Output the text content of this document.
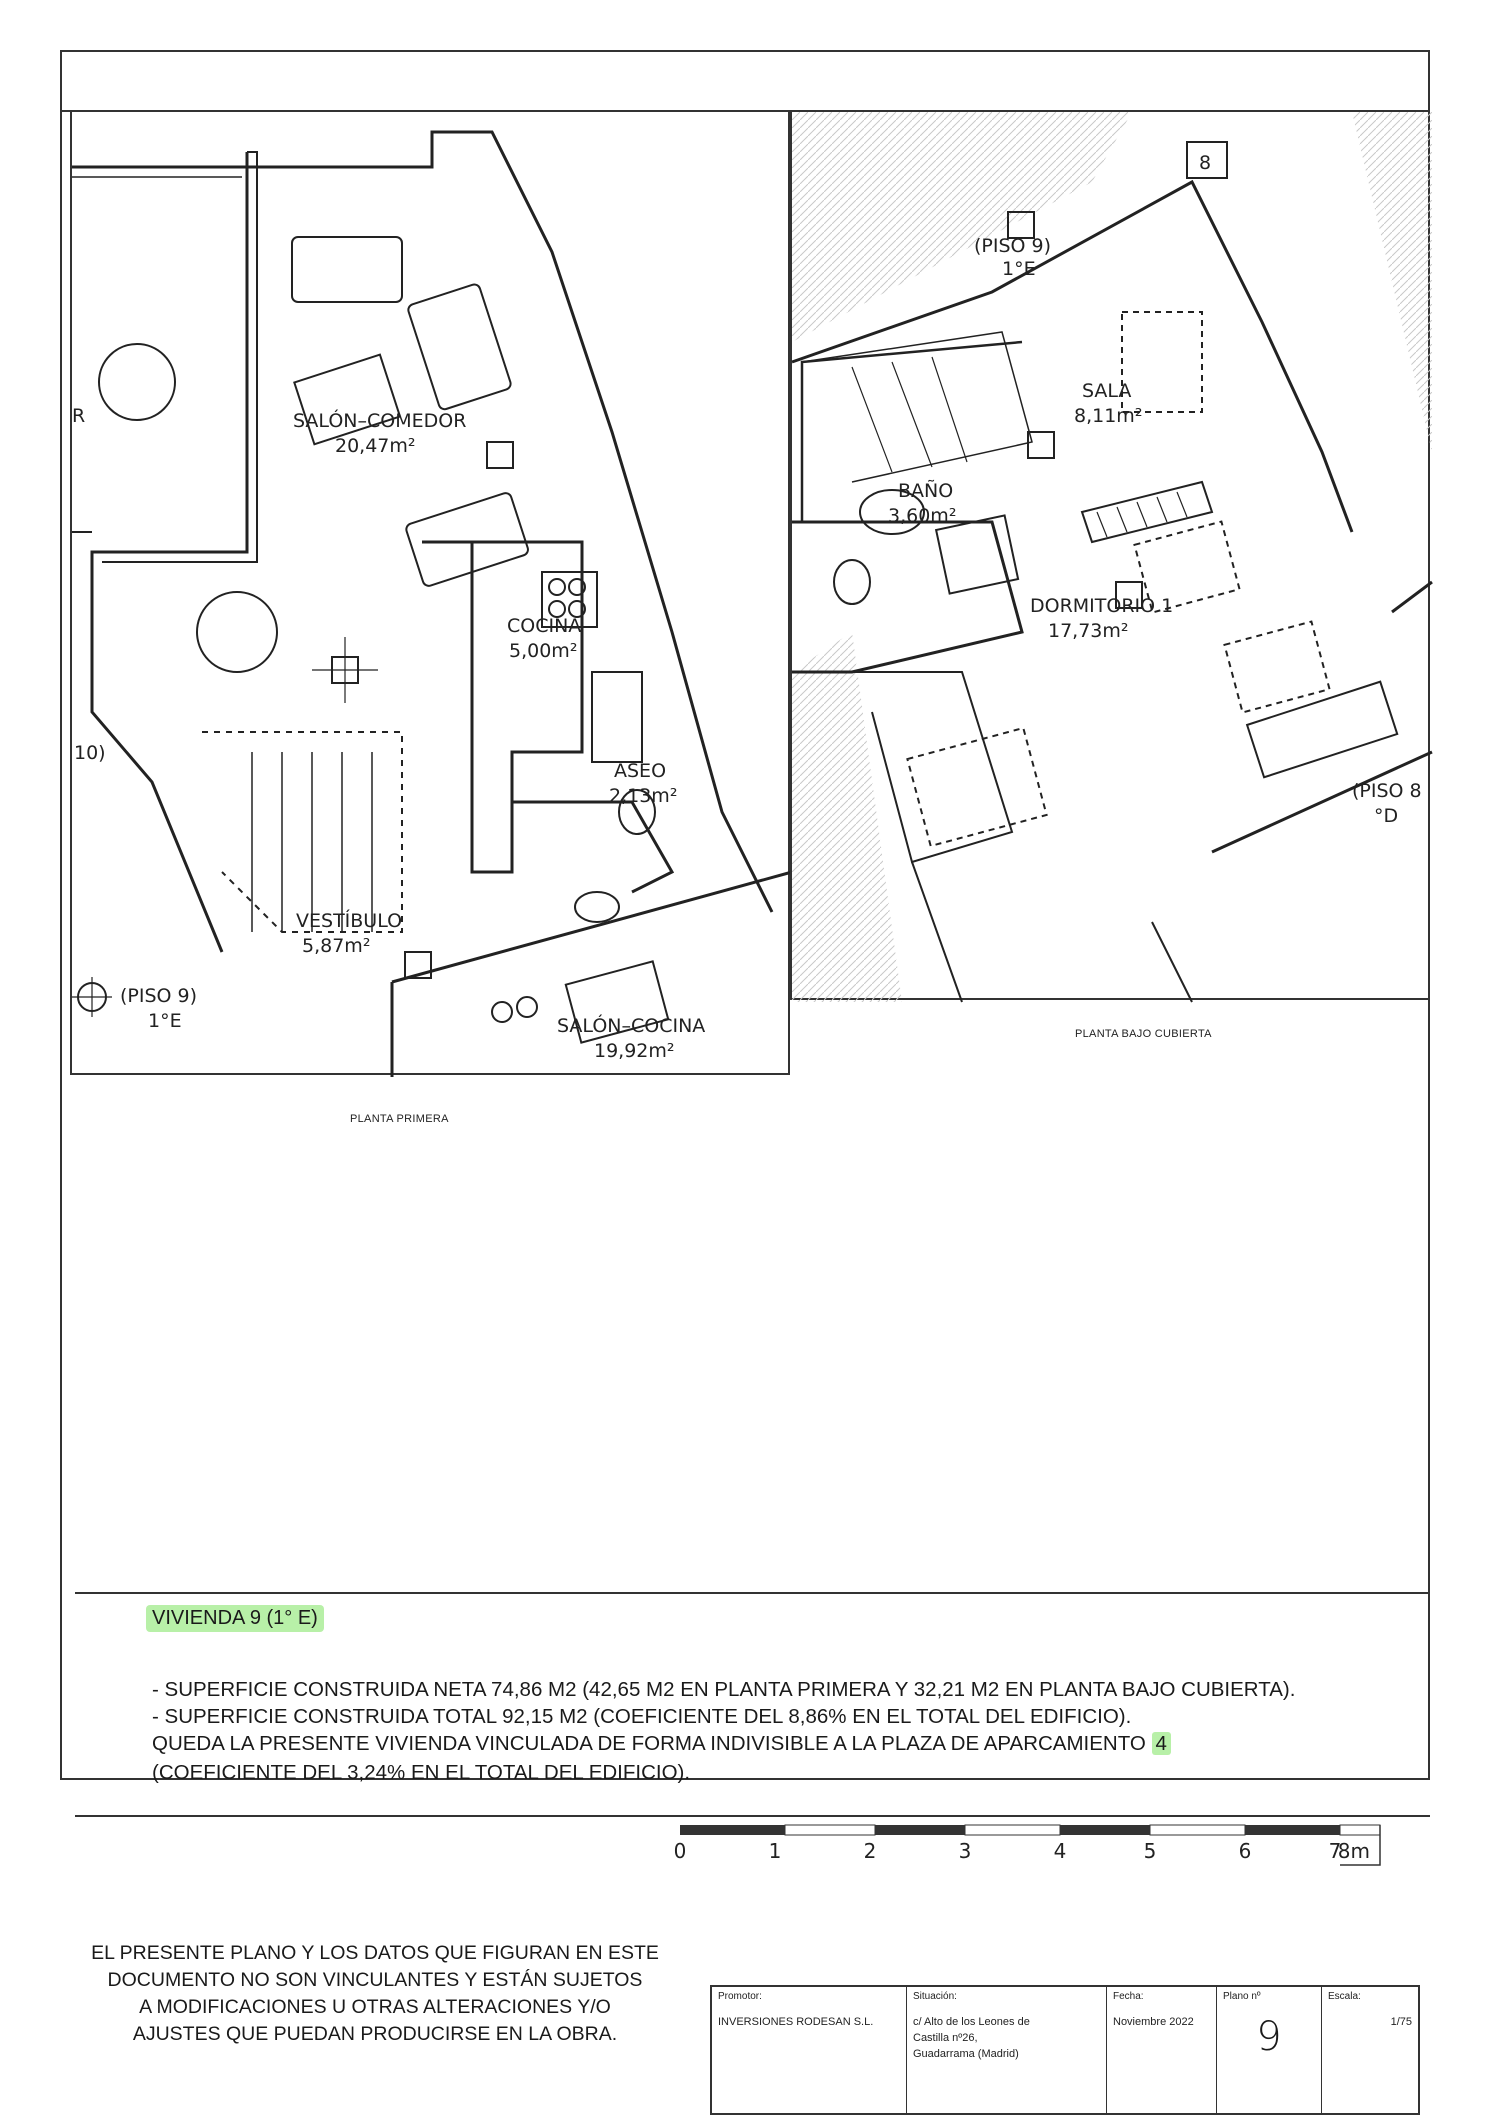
SALÓN–COMEDOR
20,47m²
COCINA
5,00m²
ASEO
2,13m²
VESTÍBULO
5,87m²
SALÓN–COCINA
19,92m²
(PISO 9)
1°E
10)
R
PLANTA PRIMERA
(PISO 9)
1°E
SALA
8,11m²
BAÑO
3,60m²
DORMITORIO 1
17,73m²
(PISO 8
°D
8
PLANTA BAJO CUBIERTA
VIVIENDA 9 (1° E)
- SUPERFICIE CONSTRUIDA NETA 74,86 M2 (42,65 M2 EN PLANTA PRIMERA Y 32,21 M2 EN PLANTA BAJO CUBIERTA).
- SUPERFICIE CONSTRUIDA TOTAL 92,15 M2 (COEFICIENTE DEL 8,86% EN EL TOTAL DEL EDIFICIO).
QUEDA LA PRESENTE VIVIENDA VINCULADA DE FORMA INDIVISIBLE A LA PLAZA DE APARCAMIENTO 4
(COEFICIENTE DEL 3,24% EN EL TOTAL DEL EDIFICIO).
EL PRESENTE PLANO Y LOS DATOS QUE FIGURAN EN ESTE
DOCUMENTO NO SON VINCULANTES Y ESTÁN SUJETOS
A MODIFICACIONES U OTRAS ALTERACIONES Y/O
AJUSTES QUE PUEDAN PRODUCIRSE EN LA OBRA.
0	1	2	3	4	5	6	7
8m
Promotor:
INVERSIONES RODESAN S.L.
Situación:
c/ Alto de los Leones de
Castilla nº26,
Guadarrama (Madrid)
Fecha:
Noviembre 2022
Plano nº
9
Escala:
1/75
